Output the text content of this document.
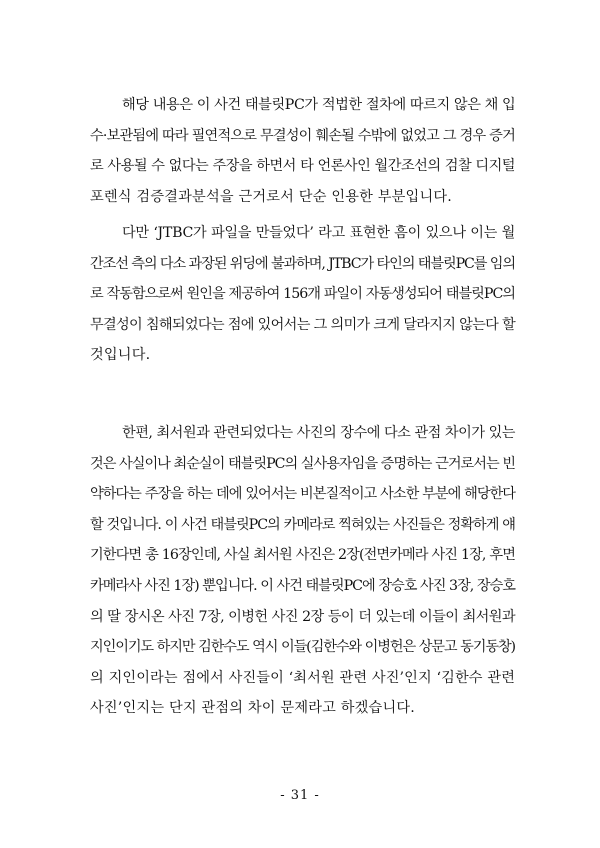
해당 내용은 이 사건 태블릿PC가 적법한 절차에 따르지 않은 채 입
수·보관됨에 따라 필연적으로 무결성이 훼손될 수밖에 없었고 그 경우 증거
로 사용될 수 없다는 주장을 하면서 타 언론사인 월간조선의 검찰 디지털
포렌식 검증결과분석을 근거로서 단순 인용한 부분입니다.

다만 ‘JTBC가 파일을 만들었다’ 라고 표현한 흠이 있으나 이는 월
간조선 측의 다소 과장된 위딩에 불과하며, JTBC가 타인의 태블릿PC를 임의
로 작동함으로써 원인을 제공하여 156개 파일이 자동생성되어 태블릿PC의
무결성이 침해되었다는 점에 있어서는 그 의미가 크게 달라지지 않는다 할
것입니다.

한편, 최서원과 관련되었다는 사진의 장수에 다소 관점 차이가 있는
것은 사실이나 최순실이 태블릿PC의 실사용자임을 증명하는 근거로서는 빈
약하다는 주장을 하는 데에 있어서는 비본질적이고 사소한 부분에 해당한다
할 것입니다. 이 사건 태블릿PC의 카메라로 찍혀있는 사진들은 정확하게 얘
기한다면 총 16장인데, 사실 최서원 사진은 2장(전면카메라 사진 1장, 후면
카메라사 사진 1장) 뿐입니다. 이 사건 태블릿PC에 장승호 사진 3장, 장승호
의 딸 장시온 사진 7장, 이병헌 사진 2장 등이 더 있는데 이들이 최서원과
지인이기도 하지만 김한수도 역시 이들(김한수와 이병헌은 상문고 동기동창)
의 지인이라는 점에서 사진들이 ‘최서원 관련 사진’인지 ‘김한수 관련
사진’인지는 단지 관점의 차이 문제라고 하겠습니다.

- 31 -
